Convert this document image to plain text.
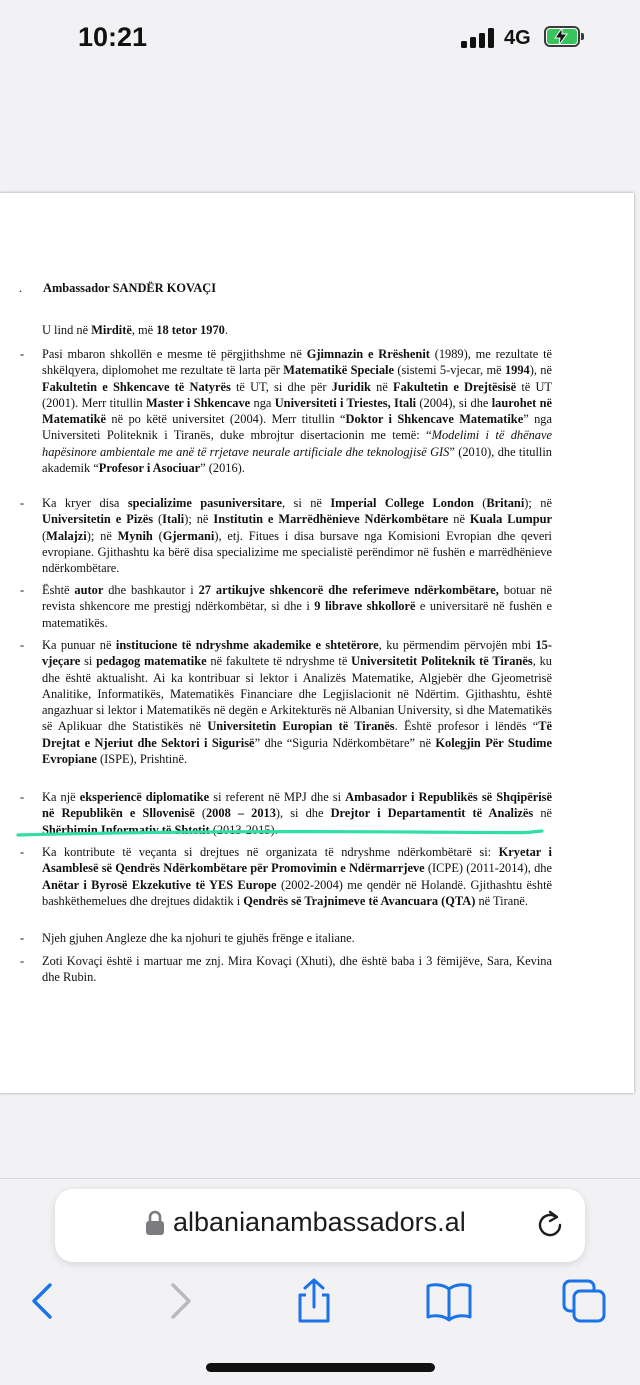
10:21	4G
. Ambassador SANDËR KOVAÇI
U lind në Mirditë, më 18 tetor 1970.
- Pasi mbaron shkollën e mesme të përgjithshme në Gjimnazin e Rrëshenit (1989), me rezultate të shkëlqyera, diplomohet me rezultate të larta për Matematikë Speciale (sistemi 5-vjecar, më 1994), në Fakultetin e Shkencave të Natyrës të UT, si dhe për Juridik në Fakultetin e Drejtësisë të UT (2001). Merr titullin Master i Shkencave nga Universiteti i Triestes, Itali (2004), si dhe laurohet në Matematikë në po këtë universitet (2004). Merr titullin “Doktor i Shkencave Matematike” nga Universiteti Politeknik i Tiranës, duke mbrojtur disertacionin me temë: “Modelimi i të dhënave hapësinore ambientale me anë të rrjetave neurale artificiale dhe teknologjisë GIS” (2010), dhe titullin akademik “Profesor i Asociuar” (2016).
- Ka kryer disa specializime pasuniversitare, si në Imperial College London (Britani); në Universitetin e Pizës (Itali); në Institutin e Marrëdhënieve Ndërkombëtare në Kuala Lumpur (Malajzi); në Mynih (Gjermani), etj. Fitues i disa bursave nga Komisioni Evropian dhe qeveri evropiane. Gjithashtu ka bërë disa specializime me specialistë perëndimor në fushën e marrëdhënieve ndërkombëtare.
- Është autor dhe bashkautor i 27 artikujve shkencorë dhe referimeve ndërkombëtare, botuar në revista shkencore me prestigj ndërkombëtar, si dhe i 9 librave shkollorë e universitarë në fushën e matematikës.
- Ka punuar në institucione të ndryshme akademike e shtetërore, ku përmendim përvojën mbi 15-vjeçare si pedagog matematike në fakultete të ndryshme të Universitetit Politeknik të Tiranës, ku dhe është aktualisht. Ai ka kontribuar si lektor i Analizës Matematike, Algjebër dhe Gjeometrisë Analitike, Informatikës, Matematikës Financiare dhe Legjislacionit në Ndërtim. Gjithashtu, është angazhuar si lektor i Matematikës në degën e Arkitekturës në Albanian University, si dhe Matematikës së Aplikuar dhe Statistikës në Universitetin Europian të Tiranës. Është profesor i lëndës “Të Drejtat e Njeriut dhe Sektori i Sigurisë” dhe “Siguria Ndërkombëtare” në Kolegjin Për Studime Evropiane (ISPE), Prishtinë.
- Ka një eksperiencë diplomatike si referent në MPJ dhe si Ambasador i Republikës së Shqipërisë në Republikën e Sllovenisë (2008 – 2013), si dhe Drejtor i Departamentit të Analizës në Shërbimin Informativ të Shtetit (2013-2015).
- Ka kontribute të veçanta si drejtues në organizata të ndryshme ndërkombëtarë si: Kryetar i Asamblesë së Qendrës Ndërkombëtare për Promovimin e Ndërmarrjeve (ICPE) (2011-2014), dhe Anëtar i Byrosë Ekzekutive të YES Europe (2002-2004) me qendër në Holandë. Gjithashtu është bashkëthemelues dhe drejtues didaktik i Qendrës së Trajnimeve të Avancuara (QTA) në Tiranë.
- Njeh gjuhen Angleze dhe ka njohuri te gjuhës frënge e italiane.
- Zoti Kovaçi është i martuar me znj. Mira Kovaçi (Xhuti), dhe është baba i 3 fëmijëve, Sara, Kevina dhe Rubin.
albanianambassadors.al
